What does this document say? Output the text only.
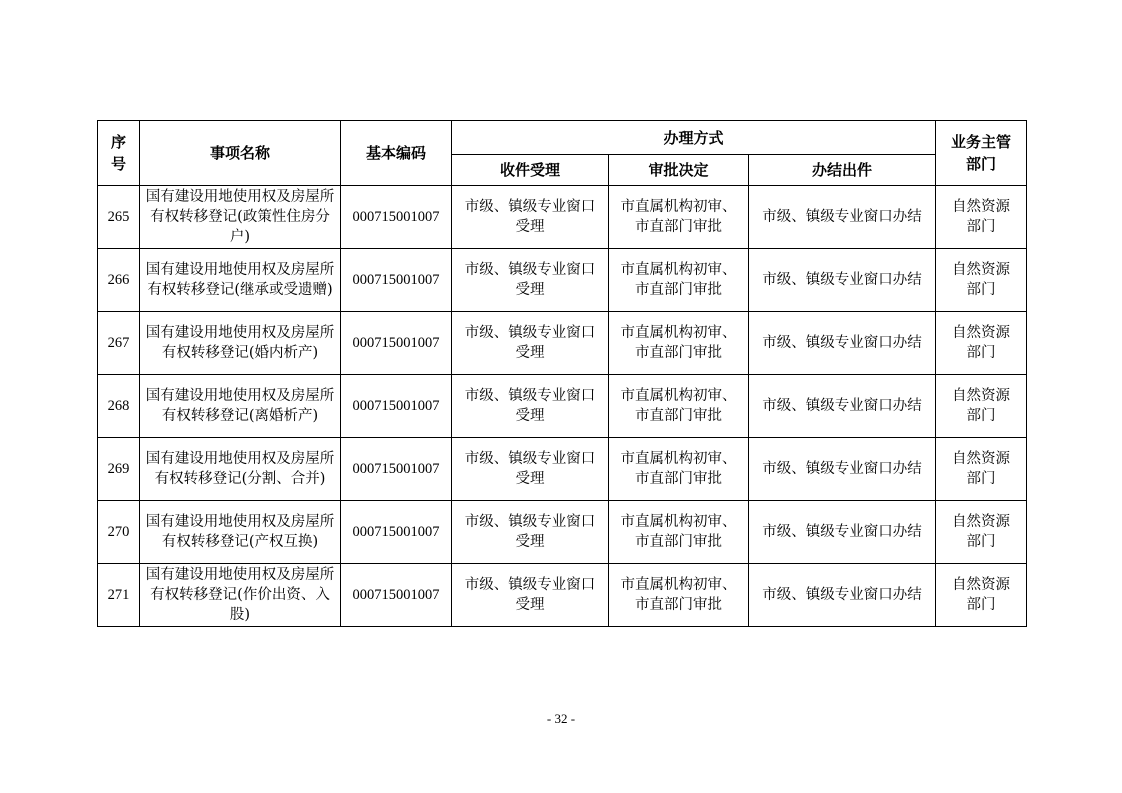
序号	事项名称	基本编码	办理方式			业务主管部门
			收件受理	审批决定	办结出件	
265	国有建设用地使用权及房屋所有权转移登记(政策性住房分户)	000715001007	市级、镇级专业窗口受理	市直属机构初审、市直部门审批	市级、镇级专业窗口办结	自然资源部门
266	国有建设用地使用权及房屋所有权转移登记(继承或受遗赠)	000715001007	市级、镇级专业窗口受理	市直属机构初审、市直部门审批	市级、镇级专业窗口办结	自然资源部门
267	国有建设用地使用权及房屋所有权转移登记(婚内析产)	000715001007	市级、镇级专业窗口受理	市直属机构初审、市直部门审批	市级、镇级专业窗口办结	自然资源部门
268	国有建设用地使用权及房屋所有权转移登记(离婚析产)	000715001007	市级、镇级专业窗口受理	市直属机构初审、市直部门审批	市级、镇级专业窗口办结	自然资源部门
269	国有建设用地使用权及房屋所有权转移登记(分割、合并)	000715001007	市级、镇级专业窗口受理	市直属机构初审、市直部门审批	市级、镇级专业窗口办结	自然资源部门
270	国有建设用地使用权及房屋所有权转移登记(产权互换)	000715001007	市级、镇级专业窗口受理	市直属机构初审、市直部门审批	市级、镇级专业窗口办结	自然资源部门
271	国有建设用地使用权及房屋所有权转移登记(作价出资、入股)	000715001007	市级、镇级专业窗口受理	市直属机构初审、市直部门审批	市级、镇级专业窗口办结	自然资源部门
- 32 -
